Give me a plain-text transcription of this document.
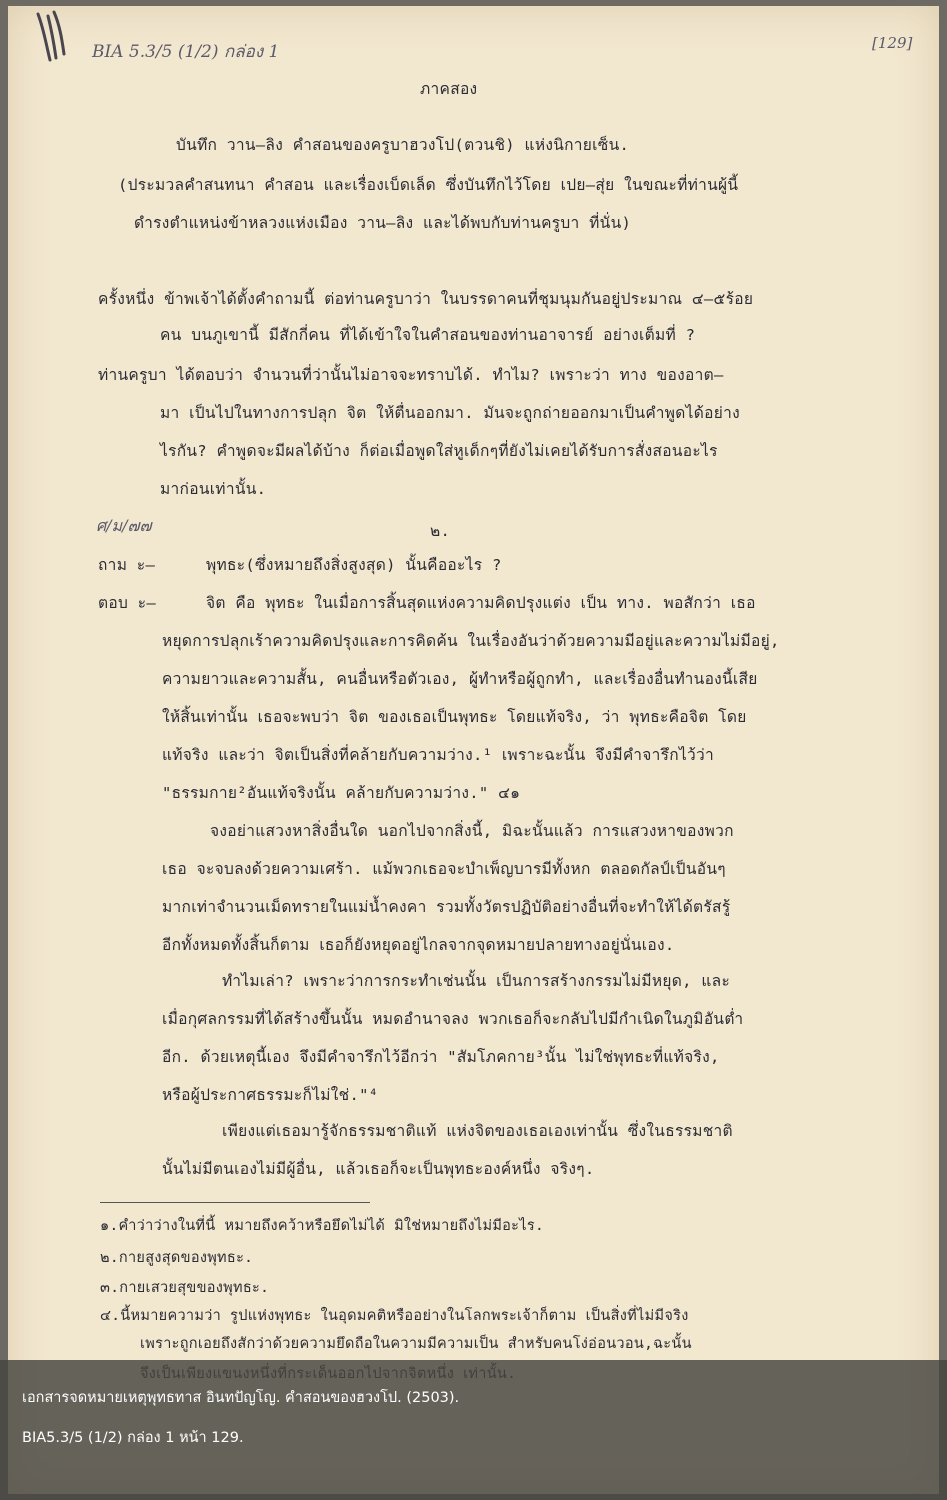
BIA 5.3/5 (1/2) กล่อง 1	[129]
ภาคสอง
บันทึก วาน–ลิง คำสอนของครูบาฮวงโป(ตวนชิ) แห่งนิกายเซ็น.
(ประมวลคำสนทนา คำสอน และเรื่องเบ็ดเล็ด ซึ่งบันทึกไว้โดย เปย–สุ่ย ในขณะที่ท่านผู้นี้
ดำรงตำแหน่งข้าหลวงแห่งเมือง วาน–ลิง และได้พบกับท่านครูบา ที่นั่น)
ครั้งหนึ่ง ข้าพเจ้าได้ตั้งคำถามนี้ ต่อท่านครูบาว่า ในบรรดาคนที่ชุมนุมกันอยู่ประมาณ ๔–๕ร้อย
คน บนภูเขานี้ มีสักกี่คน ที่ได้เข้าใจในคำสอนของท่านอาจารย์ อย่างเต็มที่ ?
ท่านครูบา ได้ตอบว่า จำนวนที่ว่านั้นไม่อาจจะทราบได้. ทำไม? เพราะว่า ทาง ของอาต–
มา เป็นไปในทางการปลุก จิต ให้ตื่นออกมา. มันจะถูกถ่ายออกมาเป็นคำพูดได้อย่าง
ไรกัน? คำพูดจะมีผลได้บ้าง ก็ต่อเมื่อพูดใส่หูเด็กๆที่ยังไม่เคยได้รับการสั่งสอนอะไร
มาก่อนเท่านั้น.
ศ/ม/๗๗	๒.
ถาม ะ–	พุทธะ(ซึ่งหมายถึงสิ่งสูงสุด) นั้นคืออะไร ?
ตอบ ะ–	จิต คือ พุทธะ ในเมื่อการสิ้นสุดแห่งความคิดปรุงแต่ง เป็น ทาง. พอสักว่า เธอ
หยุดการปลุกเร้าความคิดปรุงและการคิดค้น ในเรื่องอันว่าด้วยความมีอยู่และความไม่มีอยู่,
ความยาวและความสั้น, คนอื่นหรือตัวเอง, ผู้ทำหรือผู้ถูกทำ, และเรื่องอื่นทำนองนี้เสีย
ให้สิ้นเท่านั้น เธอจะพบว่า จิต ของเธอเป็นพุทธะ โดยแท้จริง, ว่า พุทธะคือจิต โดย
แท้จริง และว่า จิตเป็นสิ่งที่คล้ายกับความว่าง.¹ เพราะฉะนั้น จึงมีคำจารึกไว้ว่า
"ธรรมกาย²อันแท้จริงนั้น คล้ายกับความว่าง." ๔๑
จงอย่าแสวงหาสิ่งอื่นใด นอกไปจากสิ่งนี้, มิฉะนั้นแล้ว การแสวงหาของพวก
เธอ จะจบลงด้วยความเศร้า. แม้พวกเธอจะบำเพ็ญบารมีทั้งหก ตลอดกัลป์เป็นอันๆ
มากเท่าจำนวนเม็ดทรายในแม่น้ำคงคา รวมทั้งวัตรปฏิบัติอย่างอื่นที่จะทำให้ได้ตรัสรู้
อีกทั้งหมดทั้งสิ้นก็ตาม เธอก็ยังหยุดอยู่ไกลจากจุดหมายปลายทางอยู่นั่นเอง.
ทำไมเล่า? เพราะว่าการกระทำเช่นนั้น เป็นการสร้างกรรมไม่มีหยุด, และ
เมื่อกุศลกรรมที่ได้สร้างขึ้นนั้น หมดอำนาจลง พวกเธอก็จะกลับไปมีกำเนิดในภูมิอันต่ำ
อีก. ด้วยเหตุนี้เอง จึงมีคำจารึกไว้อีกว่า "สัมโภคกาย³นั้น ไม่ใช่พุทธะที่แท้จริง,
หรือผู้ประกาศธรรมะก็ไม่ใช่."⁴
เพียงแต่เธอมารู้จักธรรมชาติแท้ แห่งจิตของเธอเองเท่านั้น ซึ่งในธรรมชาติ
นั้นไม่มีตนเองไม่มีผู้อื่น, แล้วเธอก็จะเป็นพุทธะองค์หนึ่ง จริงๆ.
๑.คำว่าว่างในที่นี้ หมายถึงคว้าหรือยึดไม่ได้ มิใช่หมายถึงไม่มีอะไร.
๒.กายสูงสุดของพุทธะ.
๓.กายเสวยสุขของพุทธะ.
๔.นี้หมายความว่า รูปแห่งพุทธะ ในอุดมคติหรืออย่างในโลกพระเจ้าก็ตาม เป็นสิ่งที่ไม่มีจริง
เพราะถูกเอยถึงสักว่าด้วยความยึดถือในความมีความเป็น สำหรับคนโง่อ่อนวอน,ฉะนั้น
เอกสารจดหมายเหตุพุทธทาส อินทปัญโญ. คำสอนของฮวงโป. (2503).
BIA5.3/5 (1/2) กล่อง 1 หน้า 129.
